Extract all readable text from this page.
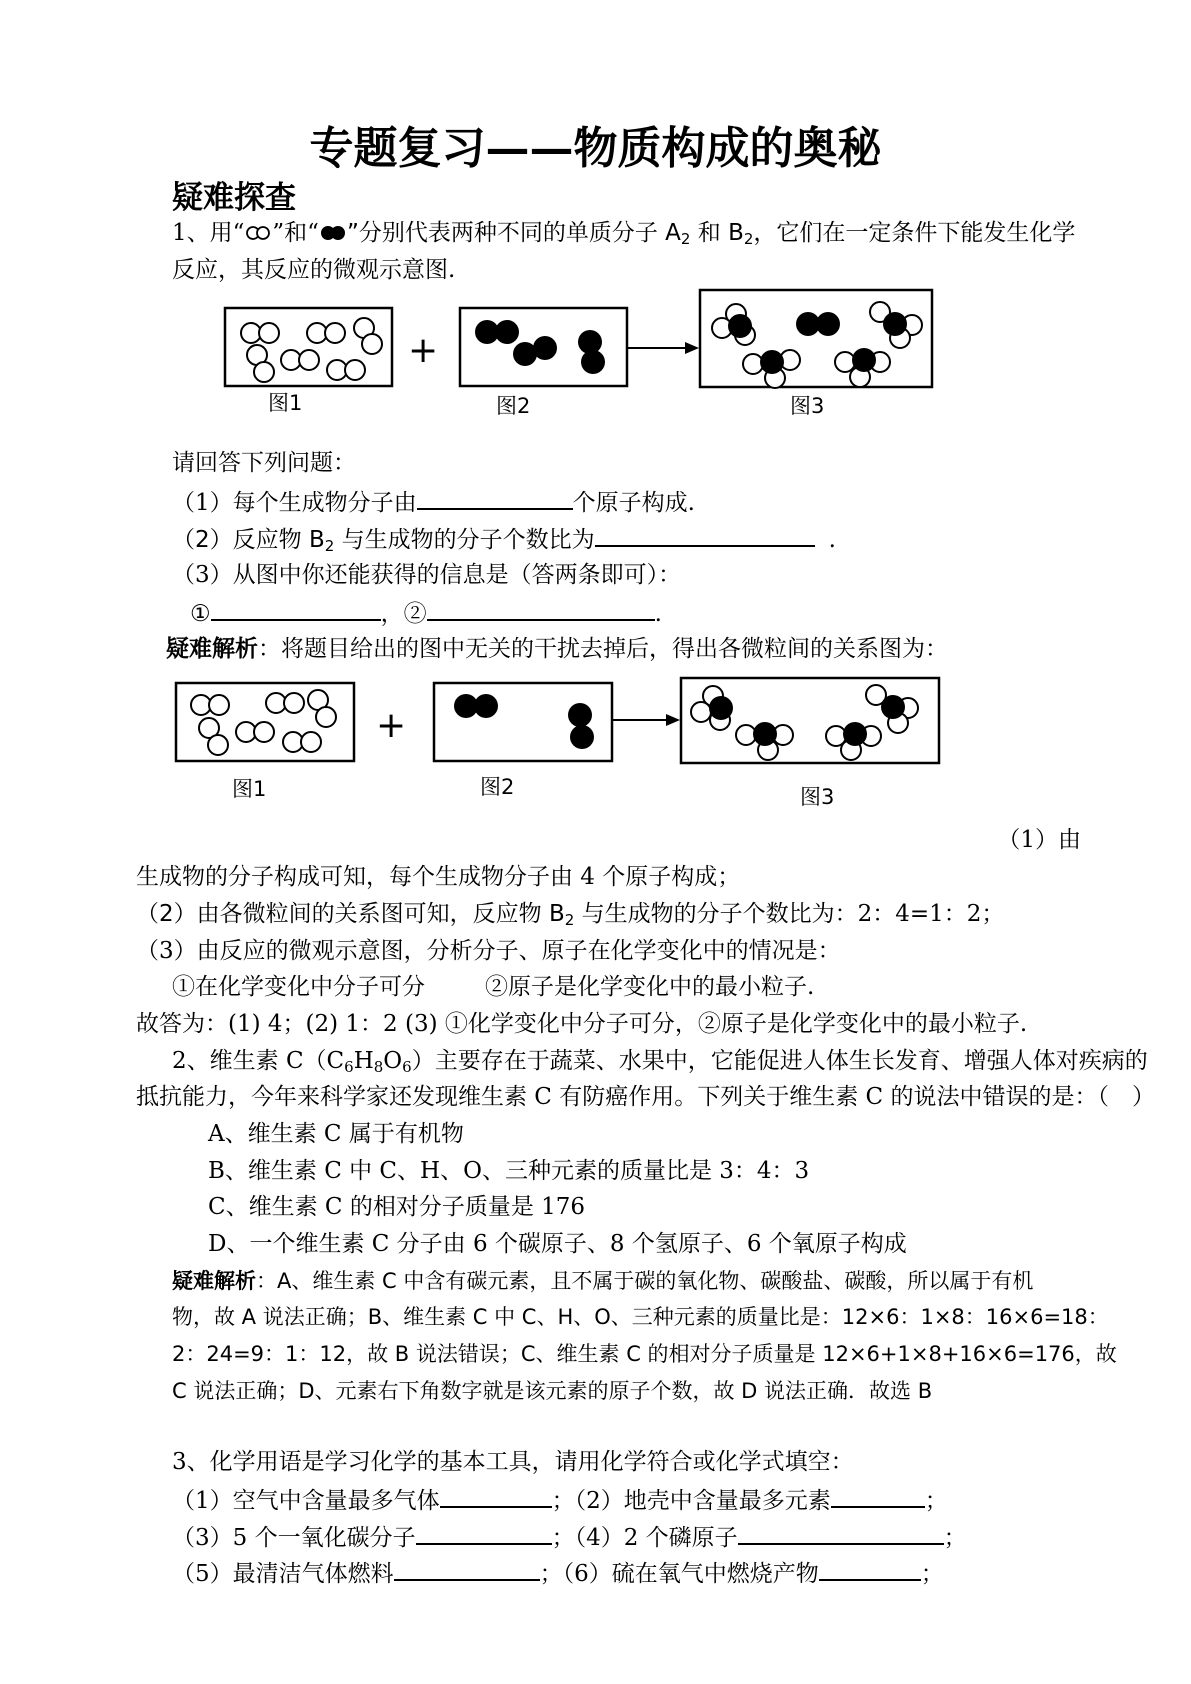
专题复习——物质构成的奥秘
疑难探查
1、用“ ”和“ ”分别代表两种不同的单质分子 $A_2$ 和 $B_2$，它们在一定条件下能发生化学
反应，其反应的微观示意图.
+
图1	图2	图3
请回答下列问题：
（1）每个生成物分子由	个原子构成.
（2）反应物 $B_2$ 与生成物的分子个数比为	.
（3）从图中你还能获得的信息是（答两条即可）：
①	，②	.
疑难解析：将题目给出的图中无关的干扰去掉后，得出各微粒间的关系图为：
+
图1	图2	图3
（1）由
生成物的分子构成可知，每个生成物分子由 4 个原子构成；
（2）由各微粒间的关系图可知，反应物 $B_2$ 与生成物的分子个数比为：2：4=1：2；
（3）由反应的微观示意图，分析分子、原子在化学变化中的情况是：
①在化学变化中分子可分	②原子是化学变化中的最小粒子.
故答为：(1) 4；(2) 1：2 (3) ①化学变化中分子可分，②原子是化学变化中的最小粒子.
2、维生素 $C(C_6H_8O_6)$主要存在于蔬菜、水果中，它能促进人体生长发育、增强人体对疾病的
抵抗能力，今年来科学家还发现维生素 C 有防癌作用。下列关于维生素 C 的说法中错误的是：（　）
A、维生素 C 属于有机物
B、维生素 C 中 C、H、O、三种元素的质量比是 3：4：3
C、维生素 C 的相对分子质量是 176
D、一个维生素 C 分子由 6 个碳原子、8 个氢原子、6 个氧原子构成
疑难解析：A、维生素 C 中含有碳元素，且不属于碳的氧化物、碳酸盐、碳酸，所以属于有机
物，故 A 说法正确；B、维生素 C 中 C、H、O、三种元素的质量比是：12×6：1×8：16×6=18：
2：24=9：1：12，故 B 说法错误；C、维生素 C 的相对分子质量是 12×6+1×8+16×6=176，故
C 说法正确；D、元素右下角数字就是该元素的原子个数，故 D 说法正确．故选 B
3、化学用语是学习化学的基本工具，请用化学符合或化学式填空：
（1）空气中含量最多气体	；（2）地壳中含量最多元素	；
（3）5 个一氧化碳分子	；（4）2 个磷原子	；
（5）最清洁气体燃料	；（6）硫在氧气中燃烧产物	；
